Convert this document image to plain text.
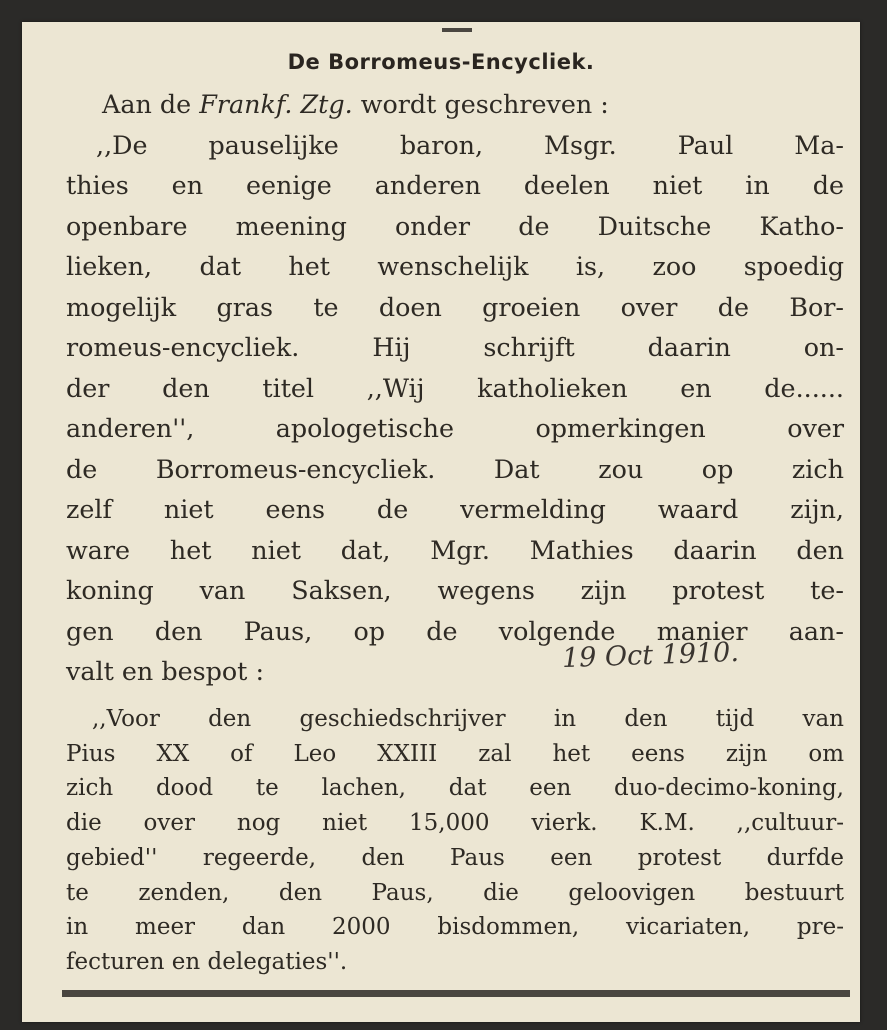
De Borromeus-Encycliek.
Aan de Frankf. Ztg. wordt geschreven :
,,De pauselijke baron, Msgr. Paul Ma-
thies en eenige anderen deelen niet in de
openbare meening onder de Duitsche Katho-
lieken, dat het wenschelijk is, zoo spoedig
mogelijk gras te doen groeien over de Bor-
romeus-encycliek. Hij schrijft daarin on-
der den titel ,,Wij katholieken en de......
anderen'', apologetische opmerkingen over
de Borromeus-encycliek. Dat zou op zich
zelf niet eens de vermelding waard zijn,
ware het niet dat, Mgr. Mathies daarin den
koning van Saksen, wegens zijn protest te-
gen den Paus, op de volgende manier aan-
valt en bespot :	19 Oct 1910.
,,Voor den geschiedschrijver in den tijd van
Pius XX of Leo XXIII zal het eens zijn om
zich dood te lachen, dat een duo-decimo-koning,
die over nog niet 15,000 vierk. K.M. ,,cultuur-
gebied'' regeerde, den Paus een protest durfde
te zenden, den Paus, die geloovigen bestuurt
in meer dan 2000 bisdommen, vicariaten, pre-
fecturen en delegaties''.
